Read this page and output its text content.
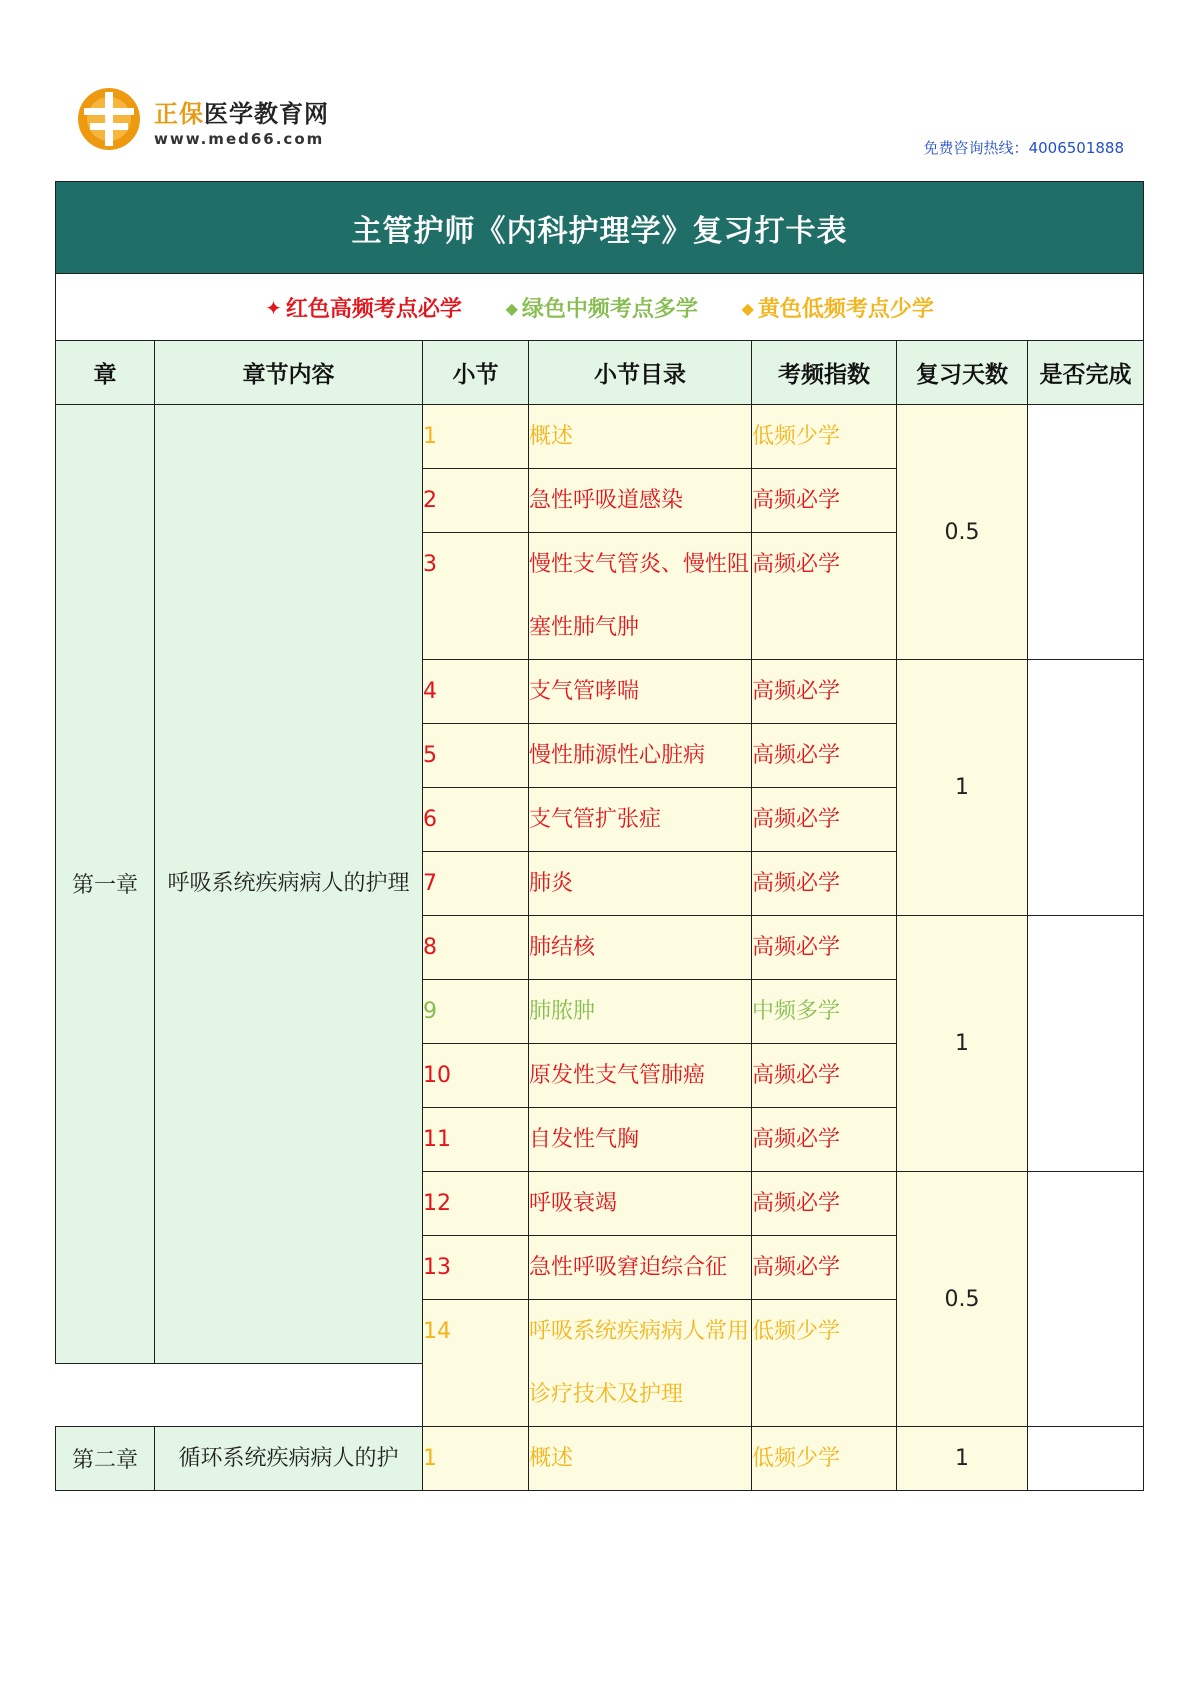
正保医学教育网
www.med66.com	免费咨询热线：4006501888
主管护师《内科护理学》复习打卡表						
✦ 红色高频考点必学 ◆ 绿色中频考点多学 ◆ 黄色低频考点少学						
章	章节内容	小节	小节目录	考频指数	复习天数	是否完成
第一章	呼吸系统疾病病人的护理	1	概述	低频少学	0.5	
		2	急性呼吸道感染	高频必学		
		3	慢性支气管炎、慢性阻塞性肺气肿	高频必学		

		4	支气管哮喘	高频必学	1	
		5	慢性肺源性心脏病	高频必学		
		6	支气管扩张症	高频必学		
		7	肺炎	高频必学		
		8	肺结核	高频必学	1	
		9	肺脓肿	中频多学		
		10	原发性支气管肺癌	高频必学		
		11	自发性气胸	高频必学		
		12	呼吸衰竭	高频必学	0.5	
		13	急性呼吸窘迫综合征	高频必学		

		14	呼吸系统疾病病人常用诊疗技术及护理	低频少学		

第二章	循环系统疾病病人的护	1	概述	低频少学	1	
